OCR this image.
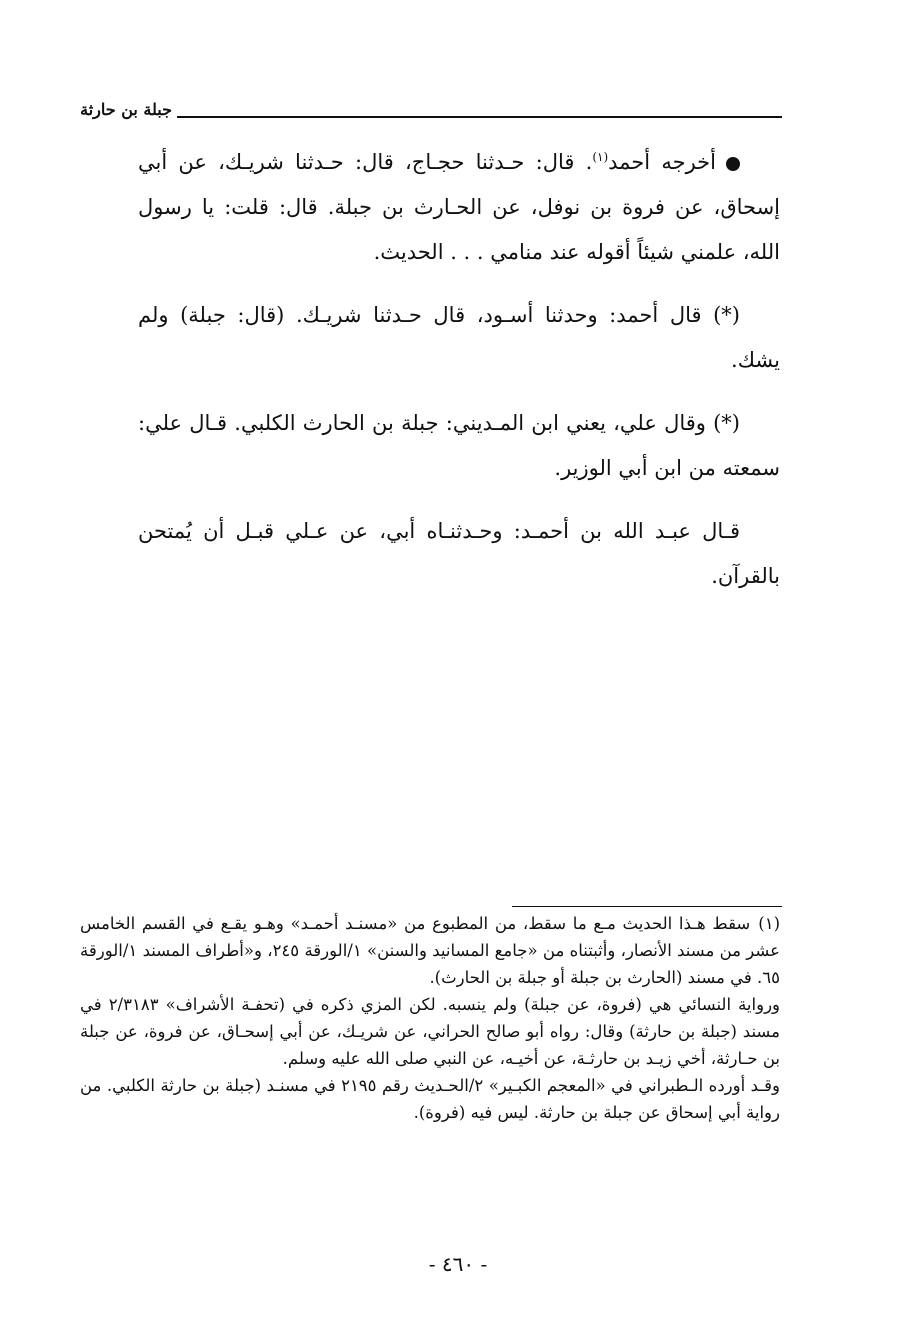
جبلة بن حارثة

أخرجه أحمد$^{(١)}$. قال: حـدثنا حجـاج، قال: حـدثنا شريـك، عن أبي إسحاق، عن فروة بن نوفل، عن الحـارث بن جبلة. قال: قلت: يا رسول الله، علمني شيئاً أقوله عند منامي . . . الحديث.

(*) قال أحمد: وحدثنا أسـود، قال حـدثنا شريـك. (قال: جبلة) ولم يشك.

(*) وقال علي، يعني ابن المـديني: جبلة بن الحارث الكلبي. قـال علي: سمعته من ابن أبي الوزير.

قـال عبـد الله بن أحمـد: وحـدثنـاه أبي، عن عـلي قبـل أن يُمتحن بالقرآن.

(١)سقط هـذا الحديث مـع ما سقط، من المطبوع من «مسنـد أحمـد» وهـو يقـع في القسم الخامس عشر من مسند الأنصار، وأثبتناه من «جامع المسانيد والسنن» ١/الورقة ٢٤٥، و«أطراف المسند ١/الورقة ٦٥. في مسند (الحارث بن جبلة أو جبلة بن الحارث).

ورواية النسائي هي (فروة، عن جبلة) ولم ينسبه. لكن المزي ذكره في (تحفـة الأشراف» ٢/٣١٨٣ في مسند (جبلة بن حارثة) وقال: رواه أبو صالح الحراني، عن شريـك، عن أبي إسحـاق، عن فروة، عن جبلة بن حـارثة، أخي زيـد بن حارثـة، عن أخيـه، عن النبي صلى الله عليه وسلم.

وقـد أورده الـطبراني في «المعجم الكبـير» ٢/الحـديث رقم ٢١٩٥ في مسنـد (جبلة بن حارثة الكلبي. من رواية أبي إسحاق عن جبلة بن حارثة. ليس فيه (فروة).

- ٤٦٠ -
